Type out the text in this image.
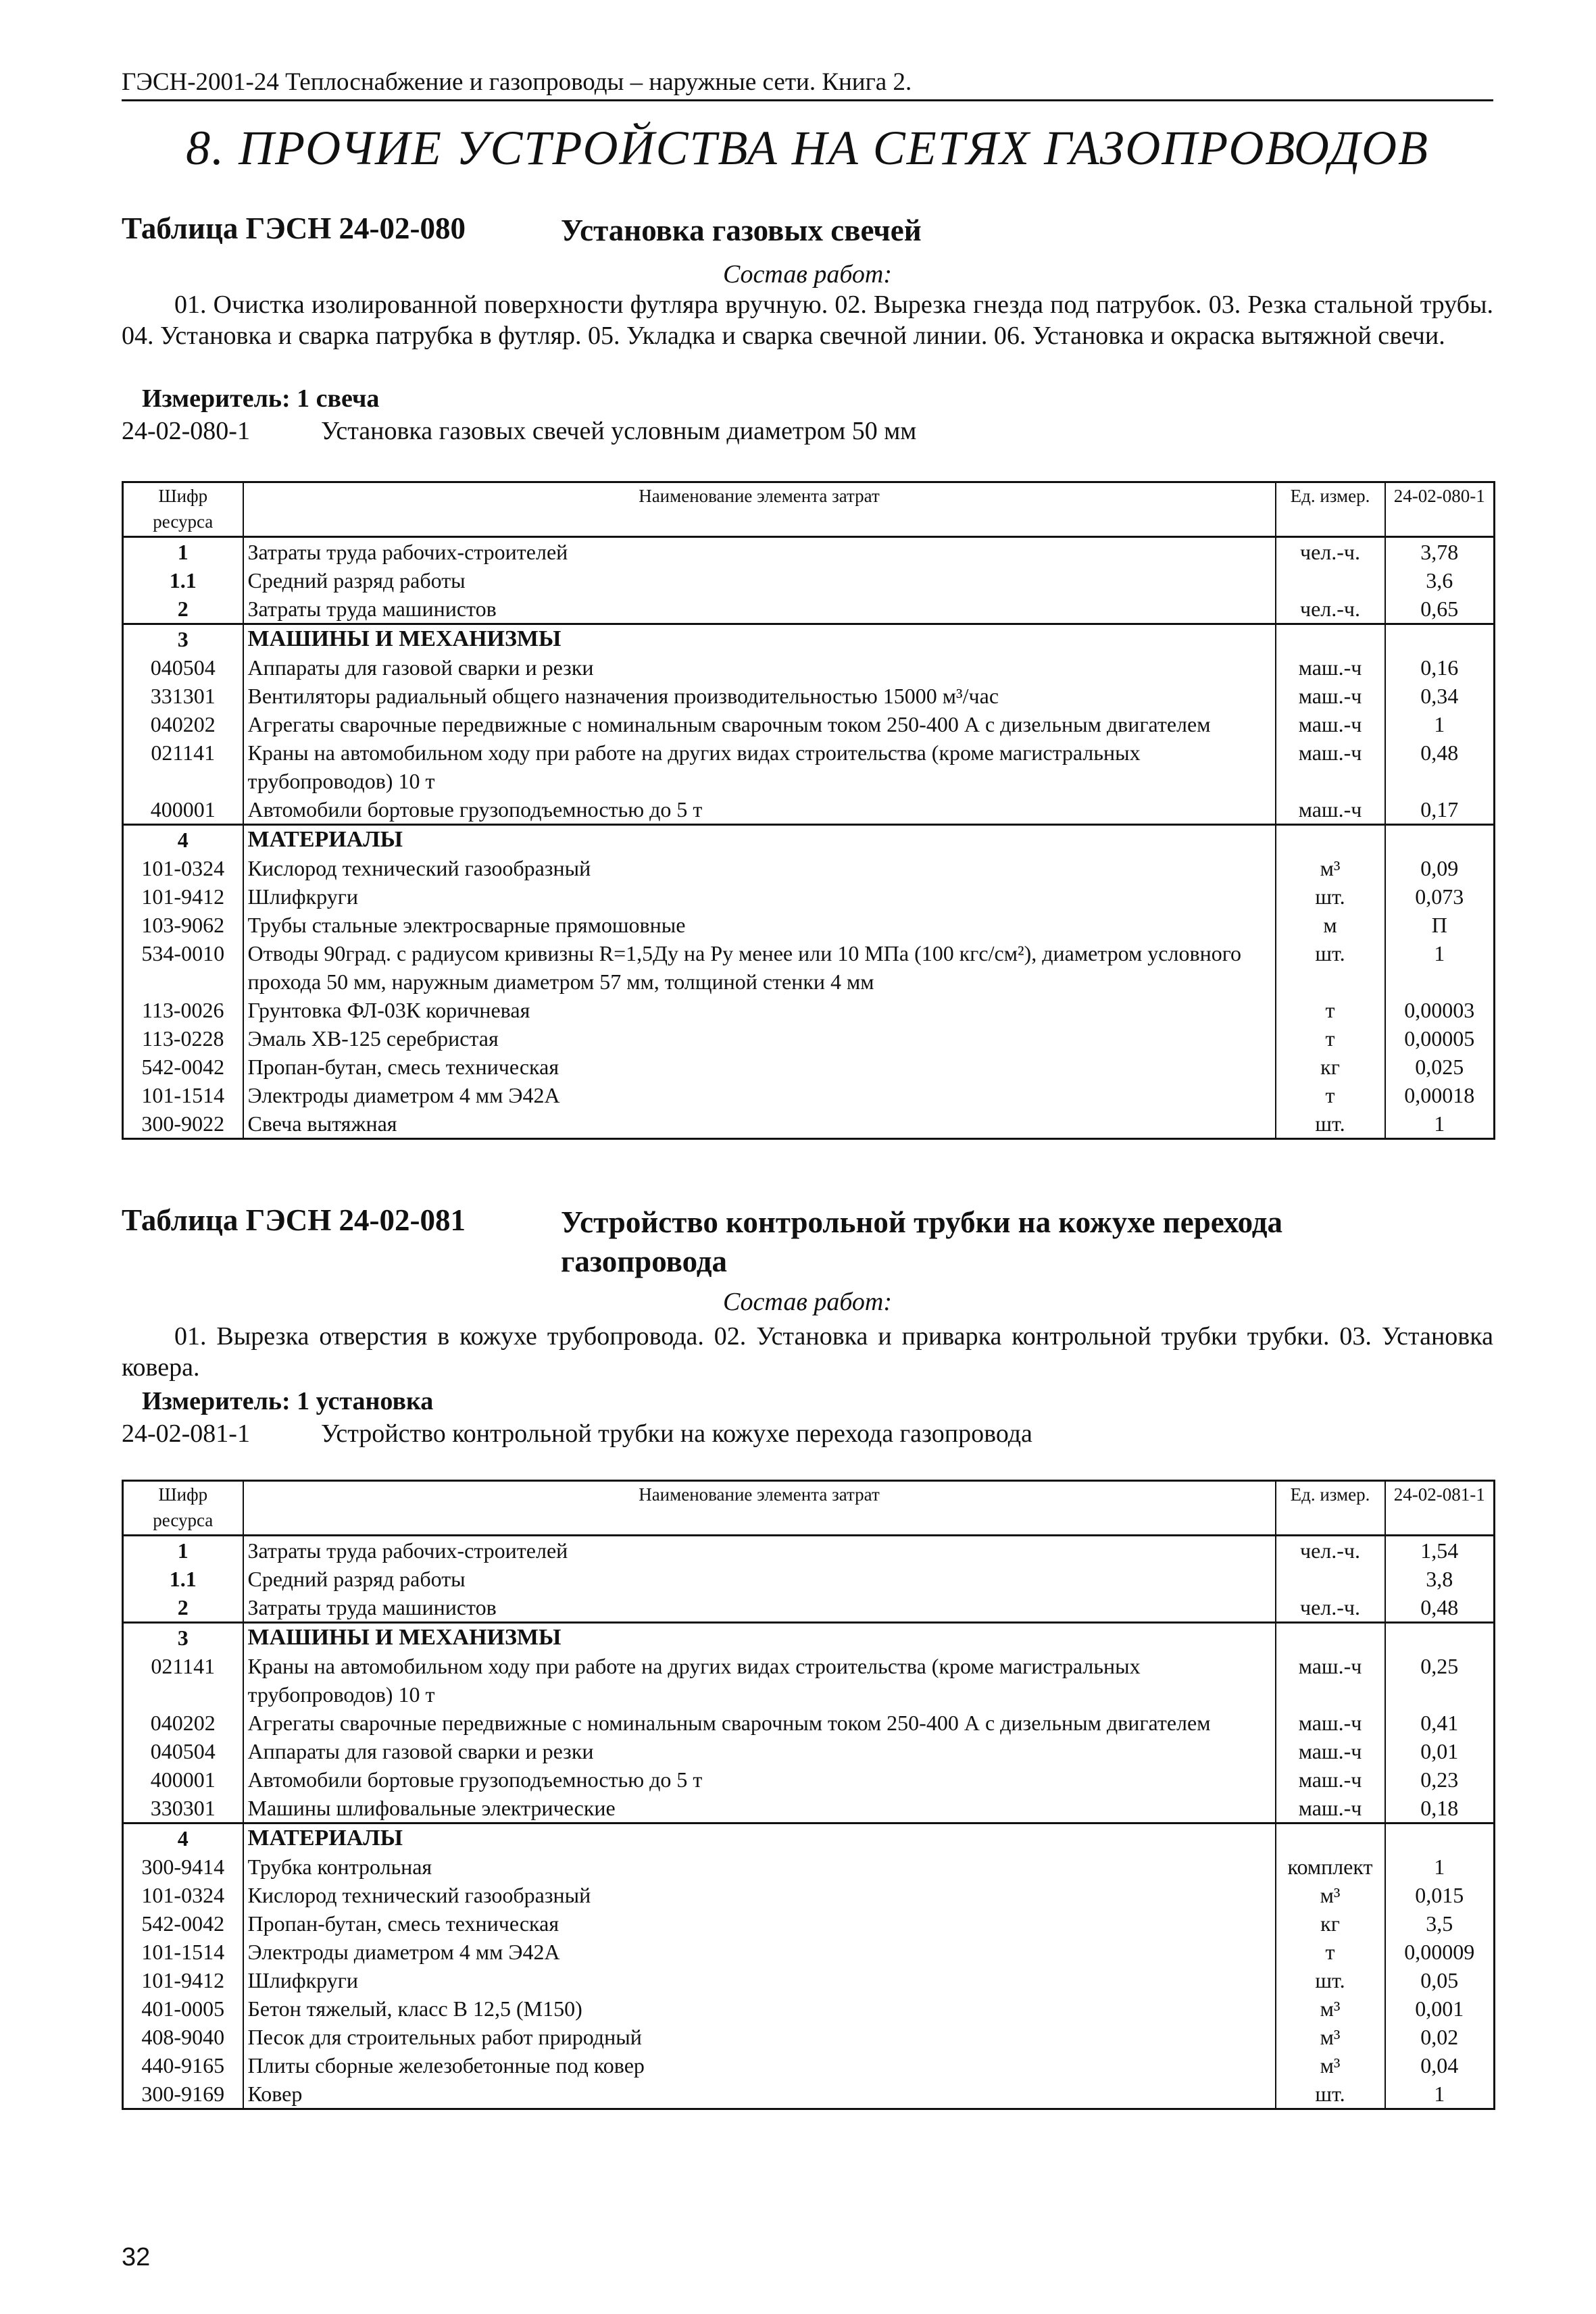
ГЭСН-2001-24 Теплоснабжение и газопроводы – наружные сети. Книга 2.
8. ПРОЧИЕ УСТРОЙСТВА НА СЕТЯХ ГАЗОПРОВОДОВ
Таблица ГЭСН 24-02-080	Установка газовых свечей
Состав работ:
01. Очистка изолированной поверхности футляра вручную. 02. Вырезка гнезда под патрубок. 03. Резка стальной трубы. 04. Установка и сварка патрубка в футляр. 05. Укладка и сварка свечной линии. 06. Установка и окраска вытяжной свечи.
Измеритель: 1 свеча
24-02-080-1	Установка газовых свечей условным диаметром 50 мм
Шифр ресурса	Наименование элемента затрат	Ед. измер.	24-02-080-1
1	Затраты труда рабочих-строителей	чел.-ч.	3,78
1.1	Средний разряд работы		3,6
2	Затраты труда машинистов	чел.-ч.	0,65
3	МАШИНЫ И МЕХАНИЗМЫ		
040504	Аппараты для газовой сварки и резки	маш.-ч	0,16
331301	Вентиляторы радиальный общего назначения производительностью 15000 м³/час	маш.-ч	0,34
040202	Агрегаты сварочные передвижные с номинальным сварочным током 250-400 А с дизельным двигателем	маш.-ч	1
021141	Краны на автомобильном ходу при работе на других видах строительства (кроме магистральных трубопроводов) 10 т	маш.-ч	0,48
400001	Автомобили бортовые грузоподъемностью до 5 т	маш.-ч	0,17
4	МАТЕРИАЛЫ		
101-0324	Кислород технический газообразный	м³	0,09
101-9412	Шлифкруги	шт.	0,073
103-9062	Трубы стальные электросварные прямошовные	м	П
534-0010	Отводы 90град. с радиусом кривизны R=1,5Ду на Ру менее или 10 МПа (100 кгс/см²), диаметром условного прохода 50 мм, наружным диаметром 57 мм, толщиной стенки 4 мм	шт.	1
113-0026	Грунтовка ФЛ-03К коричневая	т	0,00003
113-0228	Эмаль ХВ-125 серебристая	т	0,00005
542-0042	Пропан-бутан, смесь техническая	кг	0,025
101-1514	Электроды диаметром 4 мм Э42А	т	0,00018
300-9022	Свеча вытяжная	шт.	1
Таблица ГЭСН 24-02-081	Устройство контрольной трубки на кожухе перехода газопровода
Состав работ:
01. Вырезка отверстия в кожухе трубопровода. 02. Установка и приварка контрольной трубки трубки. 03. Установка ковера.
Измеритель: 1 установка
24-02-081-1	Устройство контрольной трубки на кожухе перехода газопровода
Шифр ресурса	Наименование элемента затрат	Ед. измер.	24-02-081-1
1	Затраты труда рабочих-строителей	чел.-ч.	1,54
1.1	Средний разряд работы		3,8
2	Затраты труда машинистов	чел.-ч.	0,48
3	МАШИНЫ И МЕХАНИЗМЫ		
021141	Краны на автомобильном ходу при работе на других видах строительства (кроме магистральных трубопроводов) 10 т	маш.-ч	0,25
040202	Агрегаты сварочные передвижные с номинальным сварочным током 250-400 А с дизельным двигателем	маш.-ч	0,41
040504	Аппараты для газовой сварки и резки	маш.-ч	0,01
400001	Автомобили бортовые грузоподъемностью до 5 т	маш.-ч	0,23
330301	Машины шлифовальные электрические	маш.-ч	0,18
4	МАТЕРИАЛЫ		
300-9414	Трубка контрольная	комплект	1
101-0324	Кислород технический газообразный	м³	0,015
542-0042	Пропан-бутан, смесь техническая	кг	3,5
101-1514	Электроды диаметром 4 мм Э42А	т	0,00009
101-9412	Шлифкруги	шт.	0,05
401-0005	Бетон тяжелый, класс В 12,5 (М150)	м³	0,001
408-9040	Песок для строительных работ природный	м³	0,02
440-9165	Плиты сборные железобетонные под ковер	м³	0,04
300-9169	Ковер	шт.	1
32
